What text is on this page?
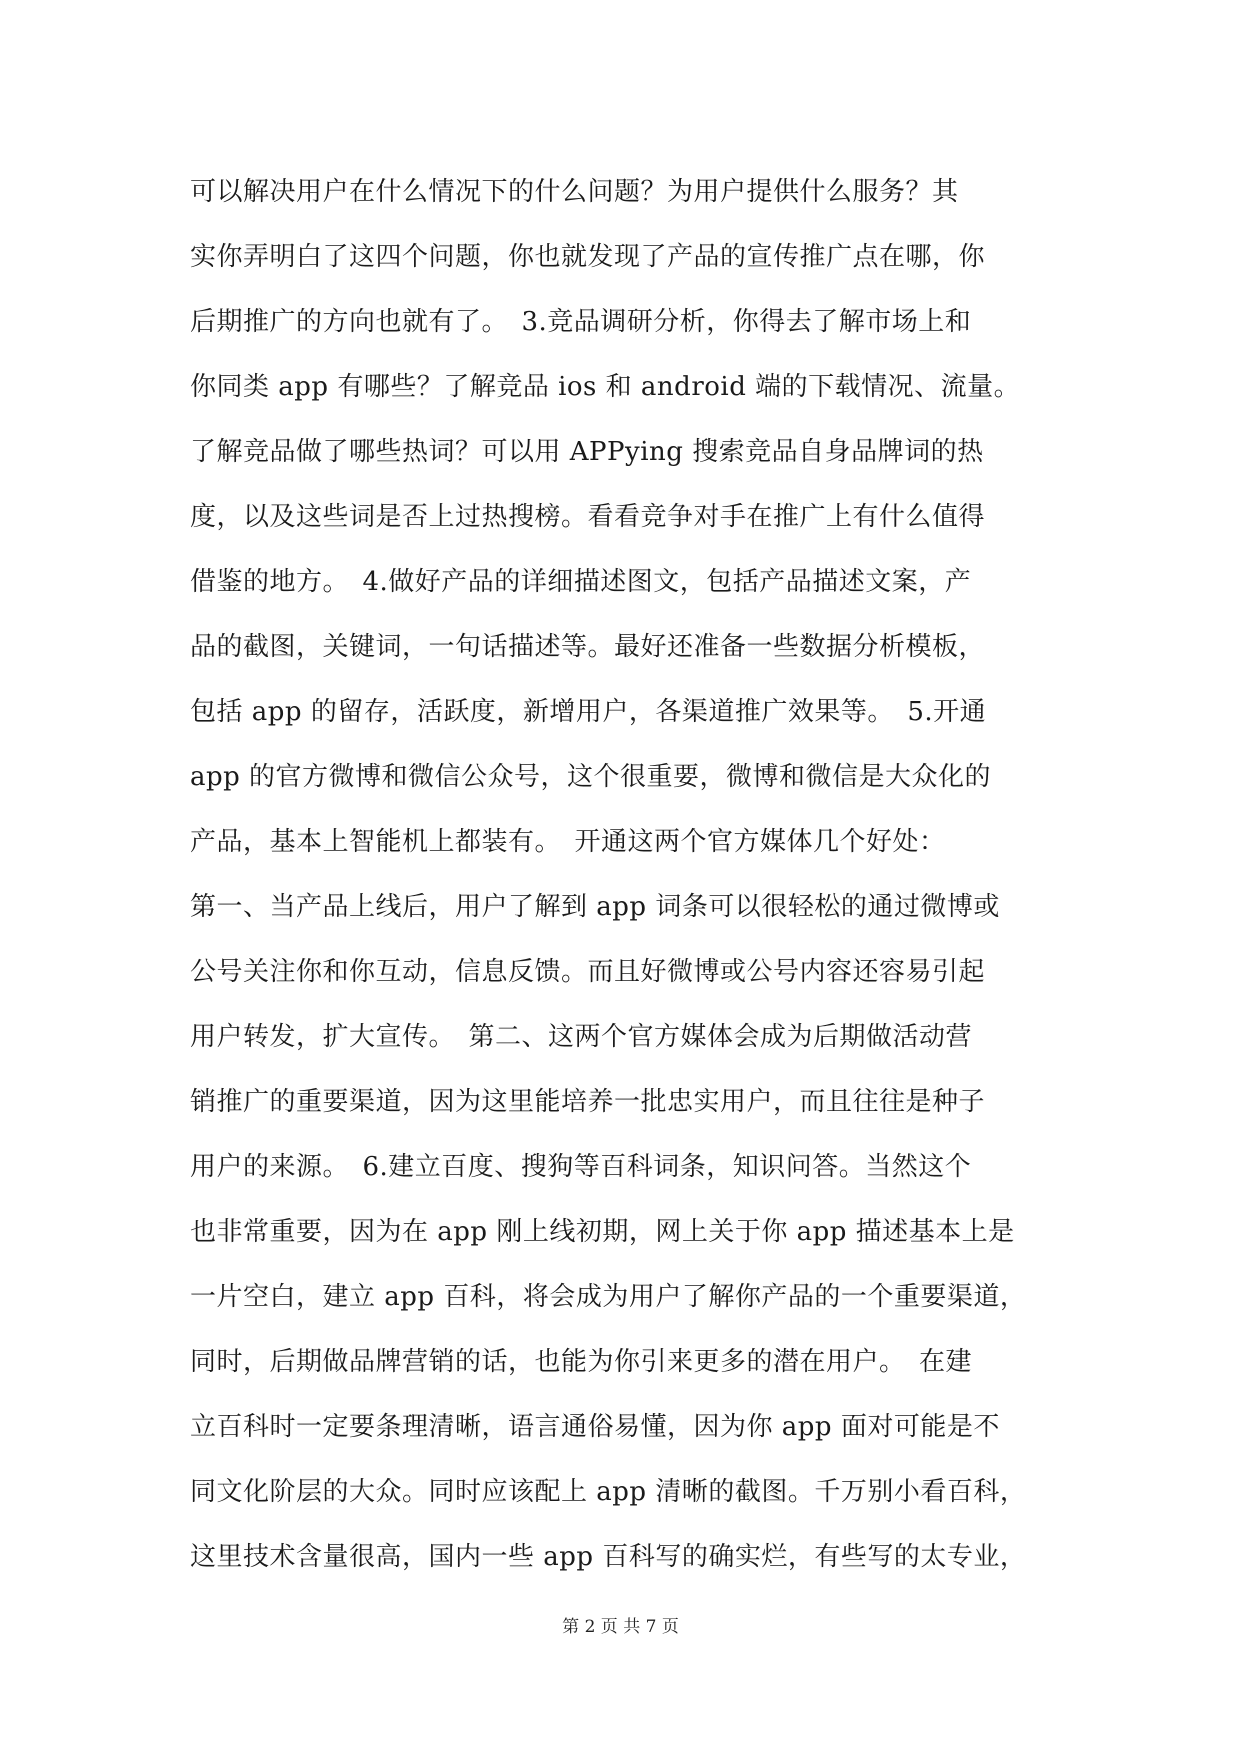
可以解决用户在什么情况下的什么问题？为用户提供什么服务？其
实你弄明白了这四个问题，你也就发现了产品的宣传推广点在哪，你
后期推广的方向也就有了。　3.竞品调研分析，你得去了解市场上和
你同类 app 有哪些？了解竞品 ios 和 android 端的下载情况、流量。
了解竞品做了哪些热词？可以用 APPying 搜索竞品自身品牌词的热
度，以及这些词是否上过热搜榜。看看竞争对手在推广上有什么值得
借鉴的地方。　4.做好产品的详细描述图文，包括产品描述文案，产
品的截图，关键词，一句话描述等。最好还准备一些数据分析模板，
包括 app 的留存，活跃度，新增用户，各渠道推广效果等。　5.开通
app 的官方微博和微信公众号，这个很重要，微博和微信是大众化的
产品，基本上智能机上都装有。　开通这两个官方媒体几个好处：
第一、当产品上线后，用户了解到 app 词条可以很轻松的通过微博或
公号关注你和你互动，信息反馈。而且好微博或公号内容还容易引起
用户转发，扩大宣传。　第二、这两个官方媒体会成为后期做活动营
销推广的重要渠道，因为这里能培养一批忠实用户，而且往往是种子
用户的来源。　6.建立百度、搜狗等百科词条，知识问答。当然这个
也非常重要，因为在 app 刚上线初期，网上关于你 app 描述基本上是
一片空白，建立 app 百科，将会成为用户了解你产品的一个重要渠道，
同时，后期做品牌营销的话，也能为你引来更多的潜在用户。　在建
立百科时一定要条理清晰，语言通俗易懂，因为你 app 面对可能是不
同文化阶层的大众。同时应该配上 app 清晰的截图。千万别小看百科，
这里技术含量很高，国内一些 app 百科写的确实烂，有些写的太专业，
第 2 页 共 7 页
